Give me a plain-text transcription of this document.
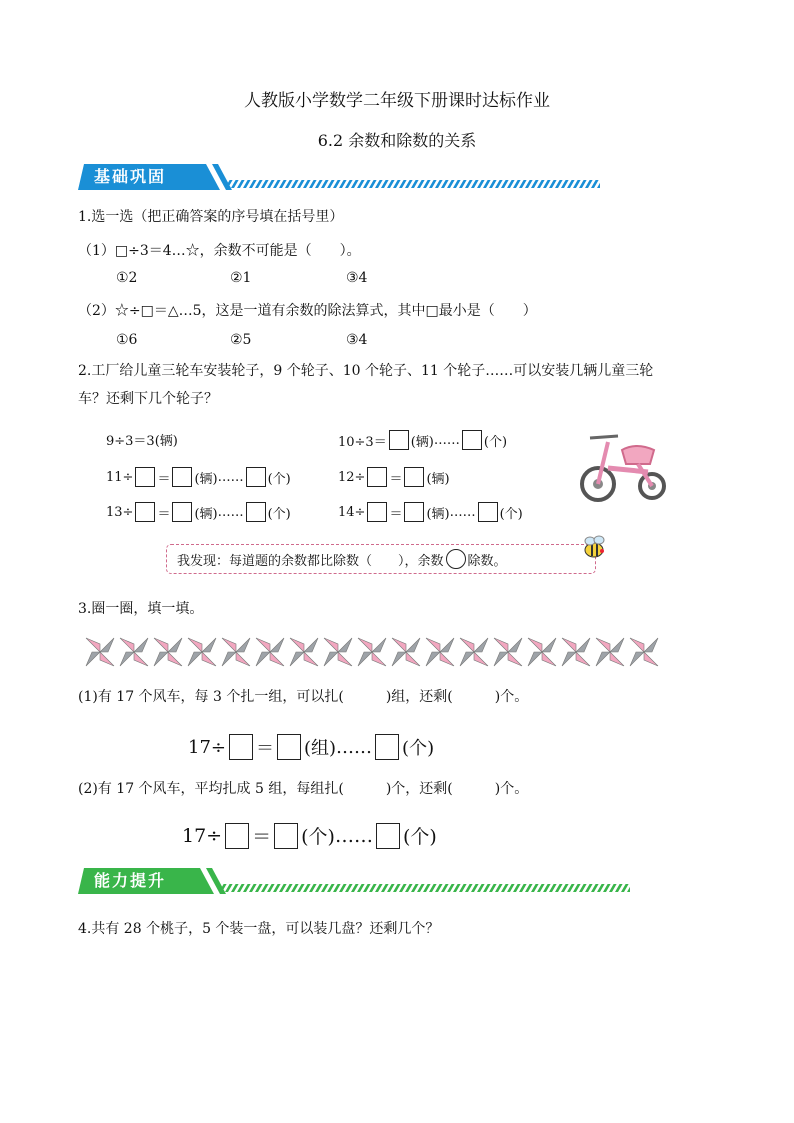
人教版小学数学二年级下册课时达标作业
6.2 余数和除数的关系
基础巩固
1.选一选（把正确答案的序号填在括号里）
（1）□÷3＝4…☆，余数不可能是（　　）。
①2	②1	③4
（2）☆÷□＝△…5，这是一道有余数的除法算式，其中□最小是（　　）
①6	②5	③4
2.工厂给儿童三轮车安装轮子，9 个轮子、10 个轮子、11 个轮子……可以安装几辆儿童三轮
车？还剩下几个轮子？
9÷3＝3(辆)	10÷3＝ (辆) …… (个)
11÷ ＝ (辆) …… (个)	12÷ ＝ (辆)
13÷ ＝ (辆) …… (个)	14÷ ＝ (辆) …… (个)
我发现：每道题的余数都比除数（　　），余数 除数。
3.圈一圈，填一填。
(1)有 17 个风车，每 3 个扎一组，可以扎(　　　)组，还剩(　　　)个。
17÷ ＝ (组) …… (个)
(2)有 17 个风车，平均扎成 5 组，每组扎(　　　)个，还剩(　　　)个。
17÷ ＝ (个) …… (个)
能力提升
4.共有 28 个桃子，5 个装一盘，可以装几盘？还剩几个？
